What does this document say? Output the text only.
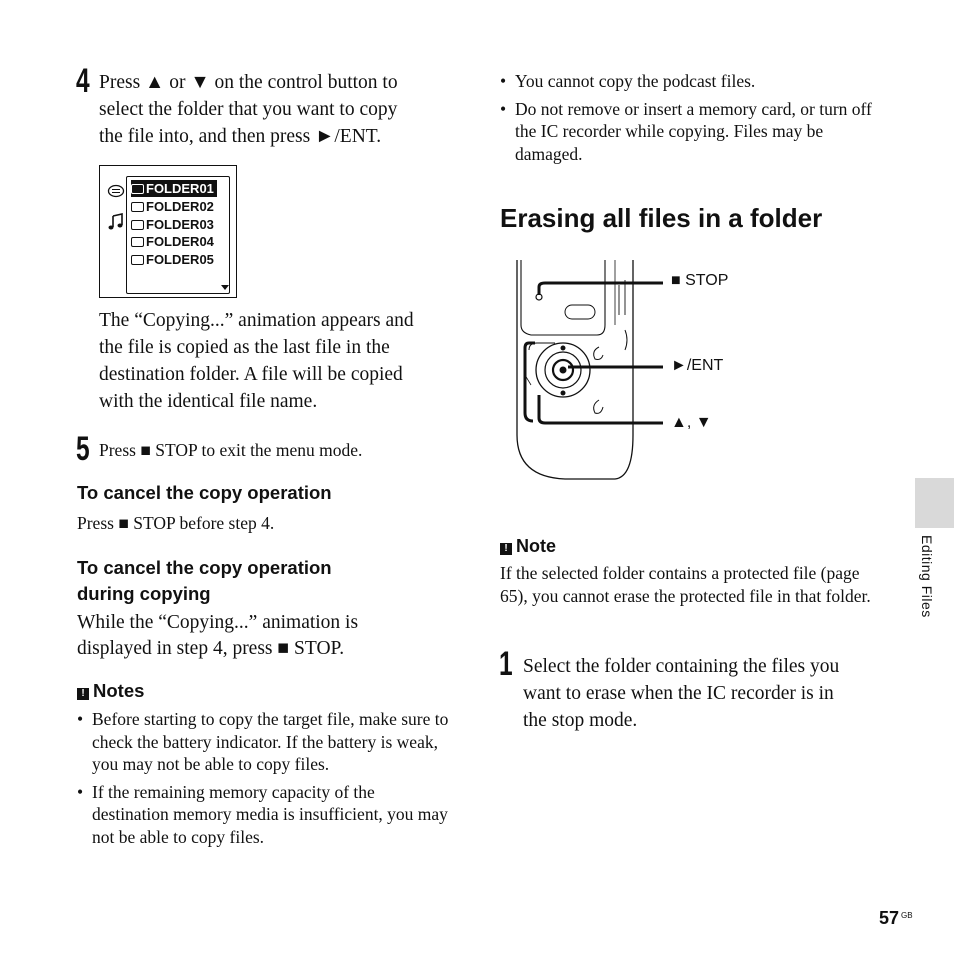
4 Press ▲ or ▼ on the control button to
select the folder that you want to copy
the file into, and then press ►/ENT.
FOLDER01
FOLDER02
FOLDER03
FOLDER04
FOLDER05
The “Copying...” animation appears and
the file is copied as the last file in the
destination folder. A file will be copied
with the identical file name.
5 Press ■ STOP to exit the menu mode.
To cancel the copy operation
Press ■ STOP before step 4.
To cancel the copy operation
during copying
While the “Copying...” animation is
displayed in step 4, press ■ STOP.
! Notes
• Before starting to copy the target file, make sure to check the battery indicator. If the battery is weak, you may not be able to copy files.
• If the remaining memory capacity of the destination memory media is insufficient, you may not be able to copy files.
• You cannot copy the podcast files.
• Do not remove or insert a memory card, or turn off the IC recorder while copying. Files may be damaged.
Erasing all files in a folder
■ STOP
►/ENT
▲, ▼
! Note
If the selected folder contains a protected file (page 65), you cannot erase the protected file in that folder.
1 Select the folder containing the files you
want to erase when the IC recorder is in
the stop mode.
Editing Files
57 $^{GB}$
